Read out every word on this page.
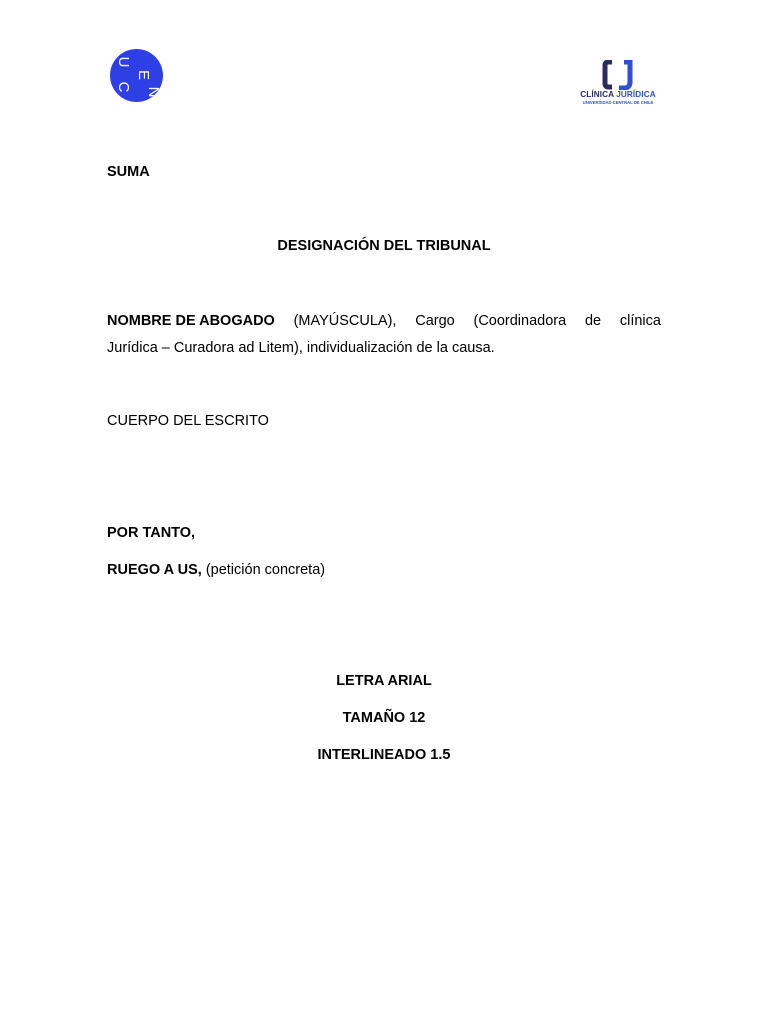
U
C
E
N	CLÍNICA JURÍDICA
UNIVERSIDAD CENTRAL DE CHILE
SUMA
DESIGNACIÓN DEL TRIBUNAL
NOMBRE DE ABOGADO (MAYÚSCULA), Cargo (Coordinadora de clínica
Jurídica – Curadora ad Litem), individualización de la causa.
CUERPO DEL ESCRITO
POR TANTO,
RUEGO A US, (petición concreta)
LETRA ARIAL
TAMAÑO 12
INTERLINEADO 1.5
